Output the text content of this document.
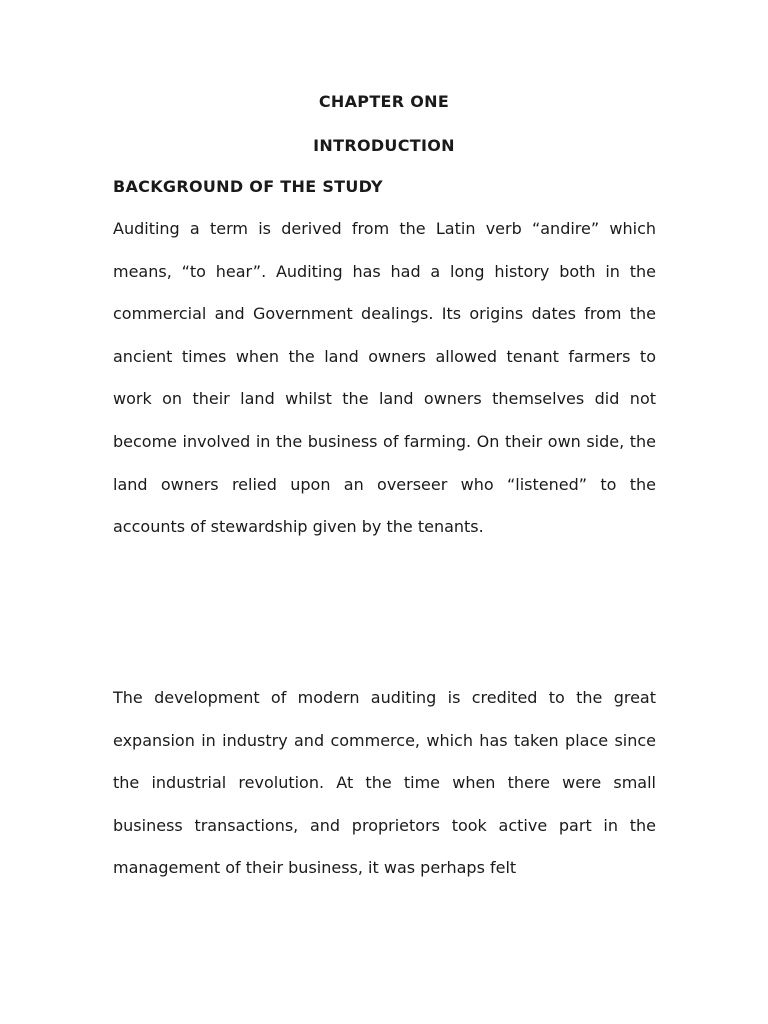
CHAPTER ONE
INTRODUCTION
BACKGROUND OF THE STUDY

Auditing a term is derived from the Latin verb “andire” which means, “to hear”. Auditing has had a long history both in the commercial and Government dealings. Its origins dates from the ancient times when the land owners allowed tenant farmers to work on their land whilst the land owners themselves did not become involved in the business of farming. On their own side, the land owners relied upon an overseer who “listened” to the accounts of stewardship given by the tenants.

The development of modern auditing is credited to the great expansion in industry and commerce, which has taken place since the industrial revolution. At the time when there were small business transactions, and proprietors took active part in the management of their business, it was perhaps felt
